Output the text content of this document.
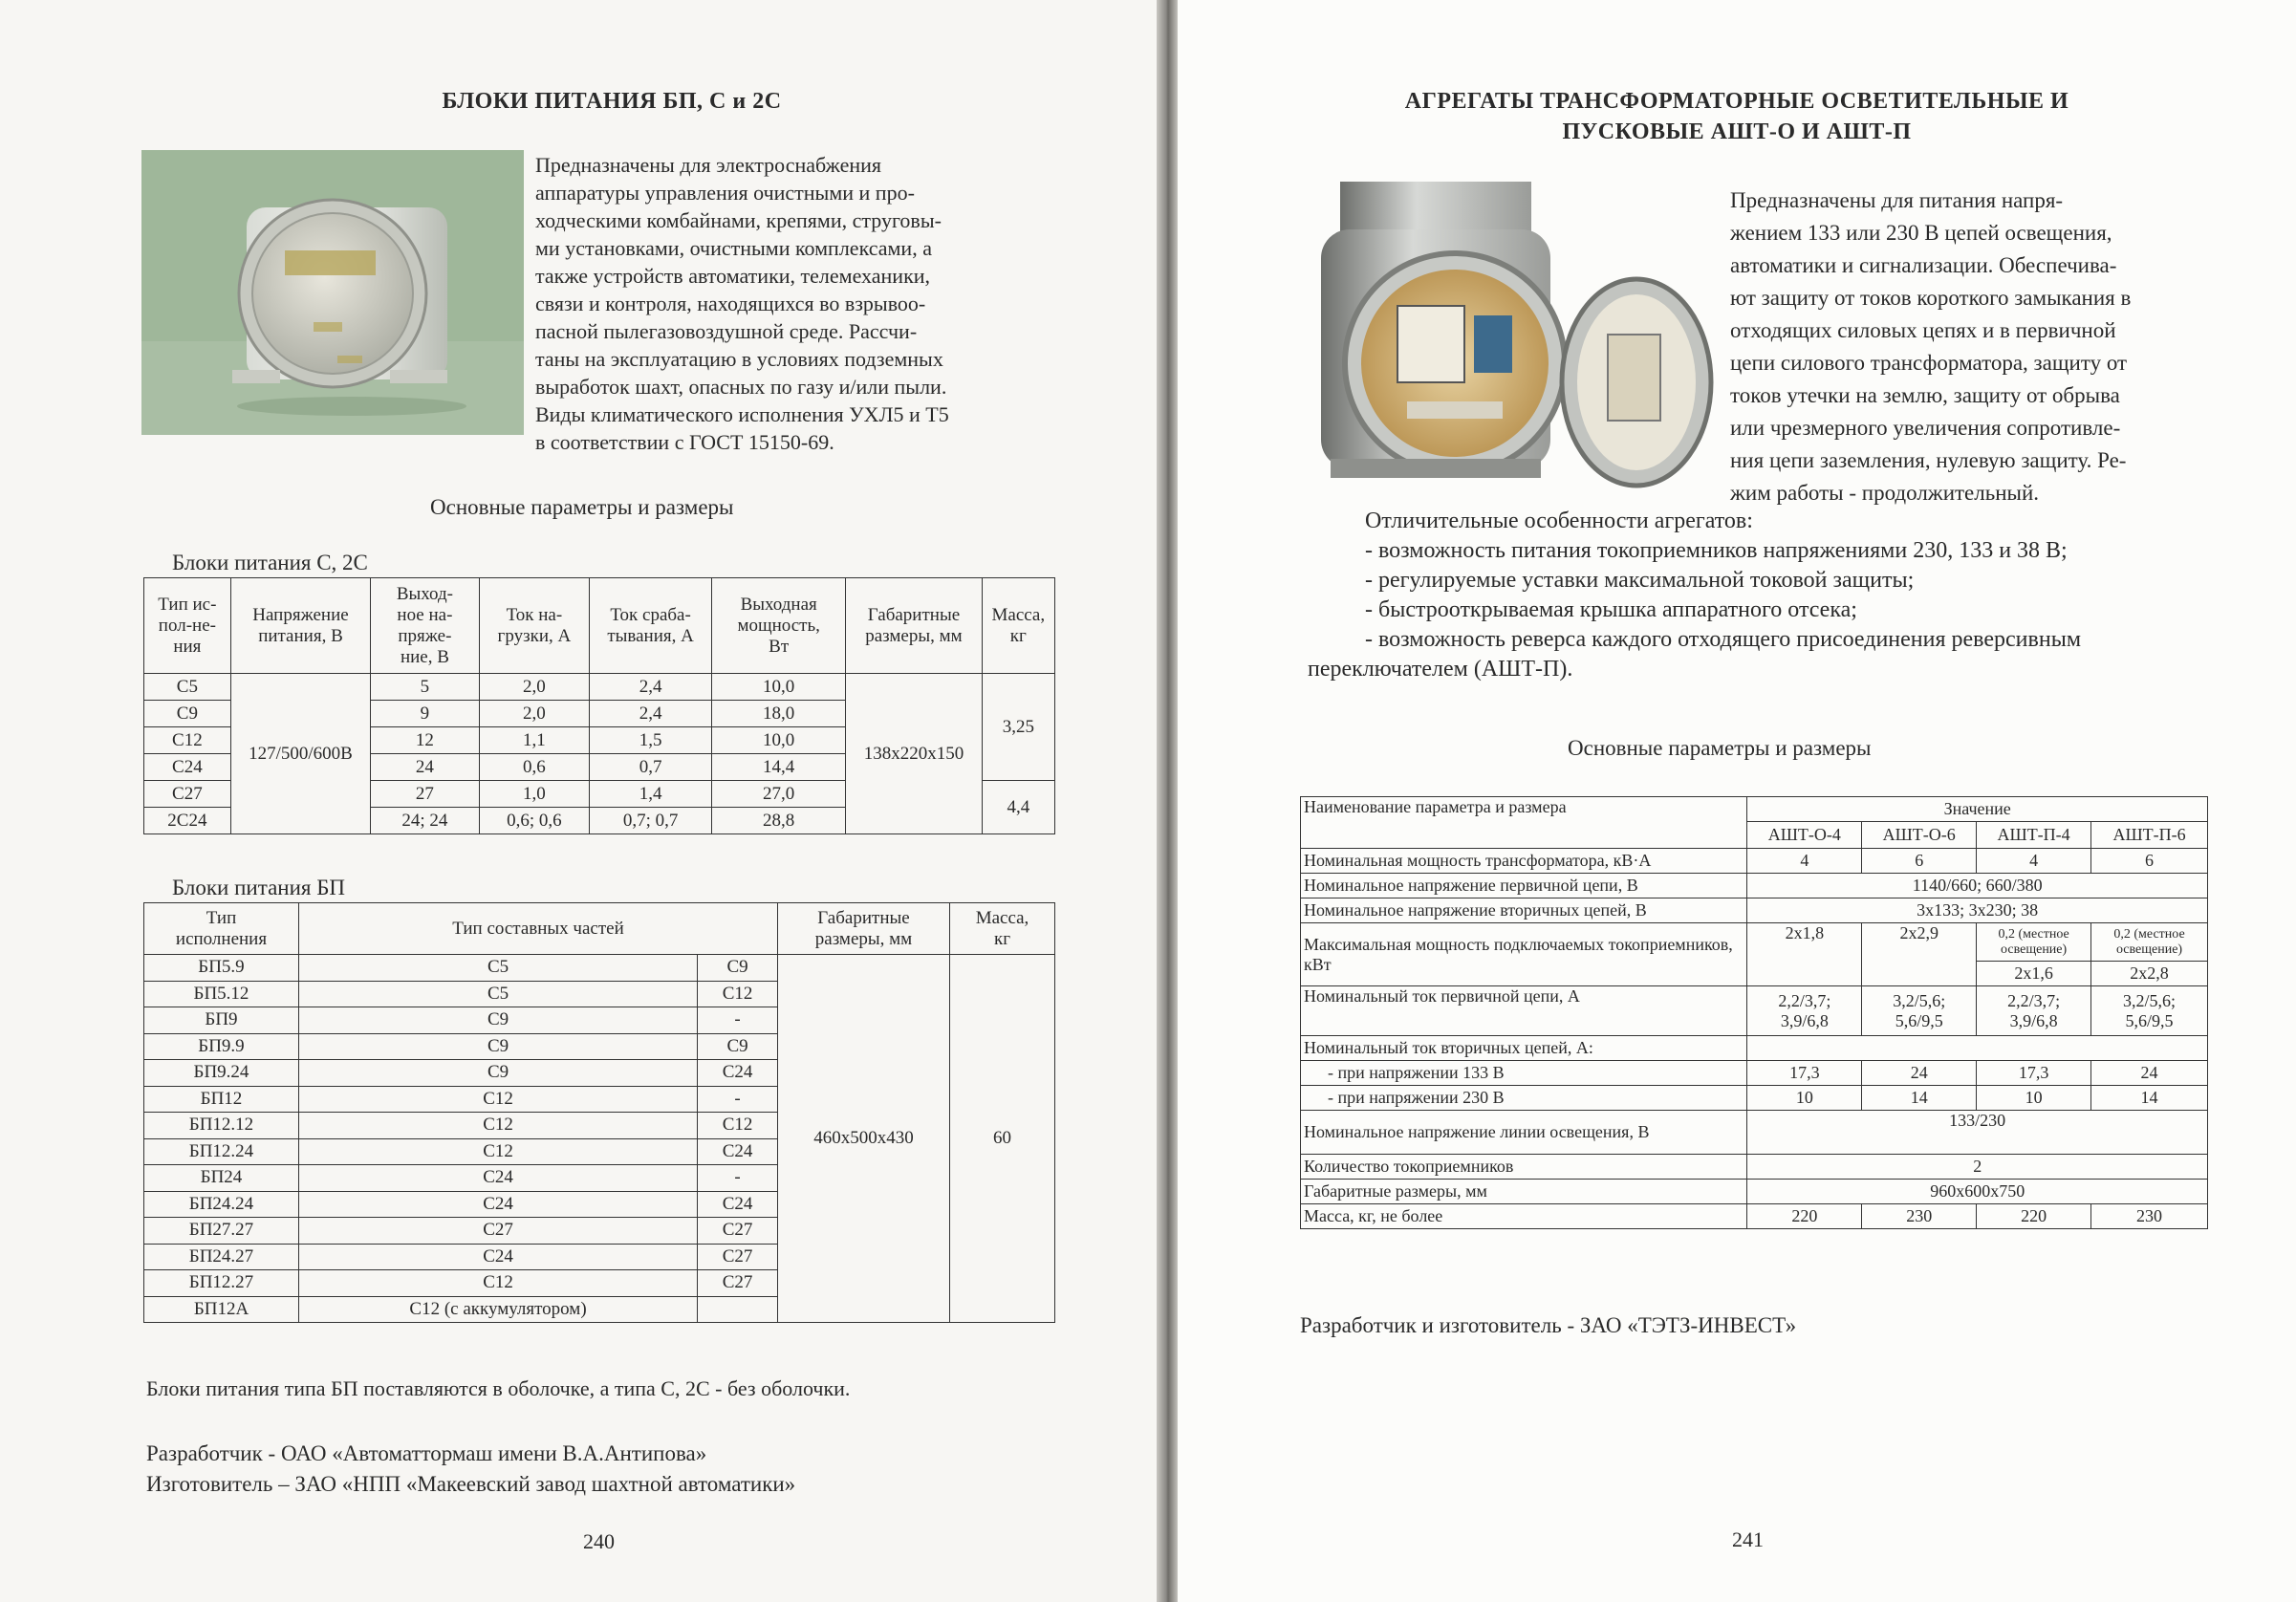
БЛОКИ ПИТАНИЯ БП, С и 2С
Предназначены для электроснабжения
аппаратуры управления очистными и про-
ходческими комбайнами, крепями, струговы-
ми установками, очистными комплексами, а
также устройств автоматики, телемеханики,
связи и контроля, находящихся во взрывоо-
пасной пылегазовоздушной среде. Рассчи-
таны на эксплуатацию в условиях подземных
выработок шахт, опасных по газу и/или пыли.
Виды климатического исполнения УХЛ5 и Т5
в соответствии с ГОСТ 15150-69.
Основные параметры и размеры
Блоки питания С, 2С
Тип ис-
пол-не-
ния	Напряжение
питания, В	Выход-
ное на-
пряже-
ние, В	Ток на-
грузки, А	Ток сраба-
тывания, А	Выходная
мощность,
Вт	Габаритные
размеры, мм	Масса,
кг
С5	127/500/600В	5	2,0	2,4	10,0	138x220x150	3,25
С9		9	2,0	2,4	18,0		
С12		12	1,1	1,5	10,0		
С24		24	0,6	0,7	14,4		
С27		27	1,0	1,4	27,0		4,4
2С24		24; 24	0,6; 0,6	0,7; 0,7	28,8		
Блоки питания БП
Тип
исполнения	Тип составных частей		Габаритные
размеры, мм	Масса,
кг
БП5.9	С5	С9	460x500x430	60
БП5.12	С5	С12		
БП9	С9	-		
БП9.9	С9	С9		
БП9.24	С9	С24		
БП12	С12	-		
БП12.12	С12	С12		
БП12.24	С12	С24		
БП24	С24	-		
БП24.24	С24	С24		
БП27.27	С27	С27		
БП24.27	С24	С27		
БП12.27	С12	С27		
БП12А	С12 (с аккумулятором)			
Блоки питания типа БП поставляются в оболочке, а типа С, 2С - без оболочки.
Разработчик - ОАО «Автоматтормаш имени В.А.Антипова»
Изготовитель – ЗАО «НПП «Макеевский завод шахтной автоматики»
240
АГРЕГАТЫ ТРАНСФОРМАТОРНЫЕ ОСВЕТИТЕЛЬНЫЕ И
ПУСКОВЫЕ АШТ-О И АШТ-П
Предназначены для питания напря-
жением 133 или 230 В цепей освещения,
автоматики и сигнализации. Обеспечива-
ют защиту от токов короткого замыкания в
отходящих силовых цепях и в первичной
цепи силового трансформатора, защиту от
токов утечки на землю, защиту от обрыва
или чрезмерного увеличения сопротивле-
ния цепи заземления, нулевую защиту. Ре-
жим работы - продолжительный.

Отличительные особенности агрегатов:

- возможность питания токоприемников напряжениями 230, 133 и 38 В;

- регулируемые уставки максимальной токовой защиты;

- быстрооткрываемая крышка аппаратного отсека;

- возможность реверса каждого отходящего присоединения реверсивным

переключателем (АШТ-П).

Основные параметры и размеры
Наименование параметра и размера	Значение			
	АШТ-О-4	АШТ-О-6	АШТ-П-4	АШТ-П-6
Номинальная мощность трансформатора, кВ·А	4	6	4	6
Номинальное напряжение первичной цепи, В	1140/660; 660/380			
Номинальное напряжение вторичных цепей, В	3x133; 3x230; 38			
Максимальная мощность подключаемых токоприемников, кВт	2x1,8	2x2,9	0,2 (местное освещение)	0,2 (местное освещение)
			2x1,6	2x2,8
Номинальный ток первичной цепи, А	2,2/3,7;
3,9/6,8	3,2/5,6;
5,6/9,5	2,2/3,7;
3,9/6,8	3,2/5,6;
5,6/9,5
Номинальный ток вторичных цепей, А:				
- при напряжении 133 В	17,3	24	17,3	24
- при напряжении 230 В	10	14	10	14
Номинальное напряжение линии освещения, В	133/230			
Количество токоприемников	2			
Габаритные размеры, мм	960x600x750			
Масса, кг, не более	220	230	220	230
Разработчик и изготовитель - ЗАО «ТЭТЗ-ИНВЕСТ»
241
